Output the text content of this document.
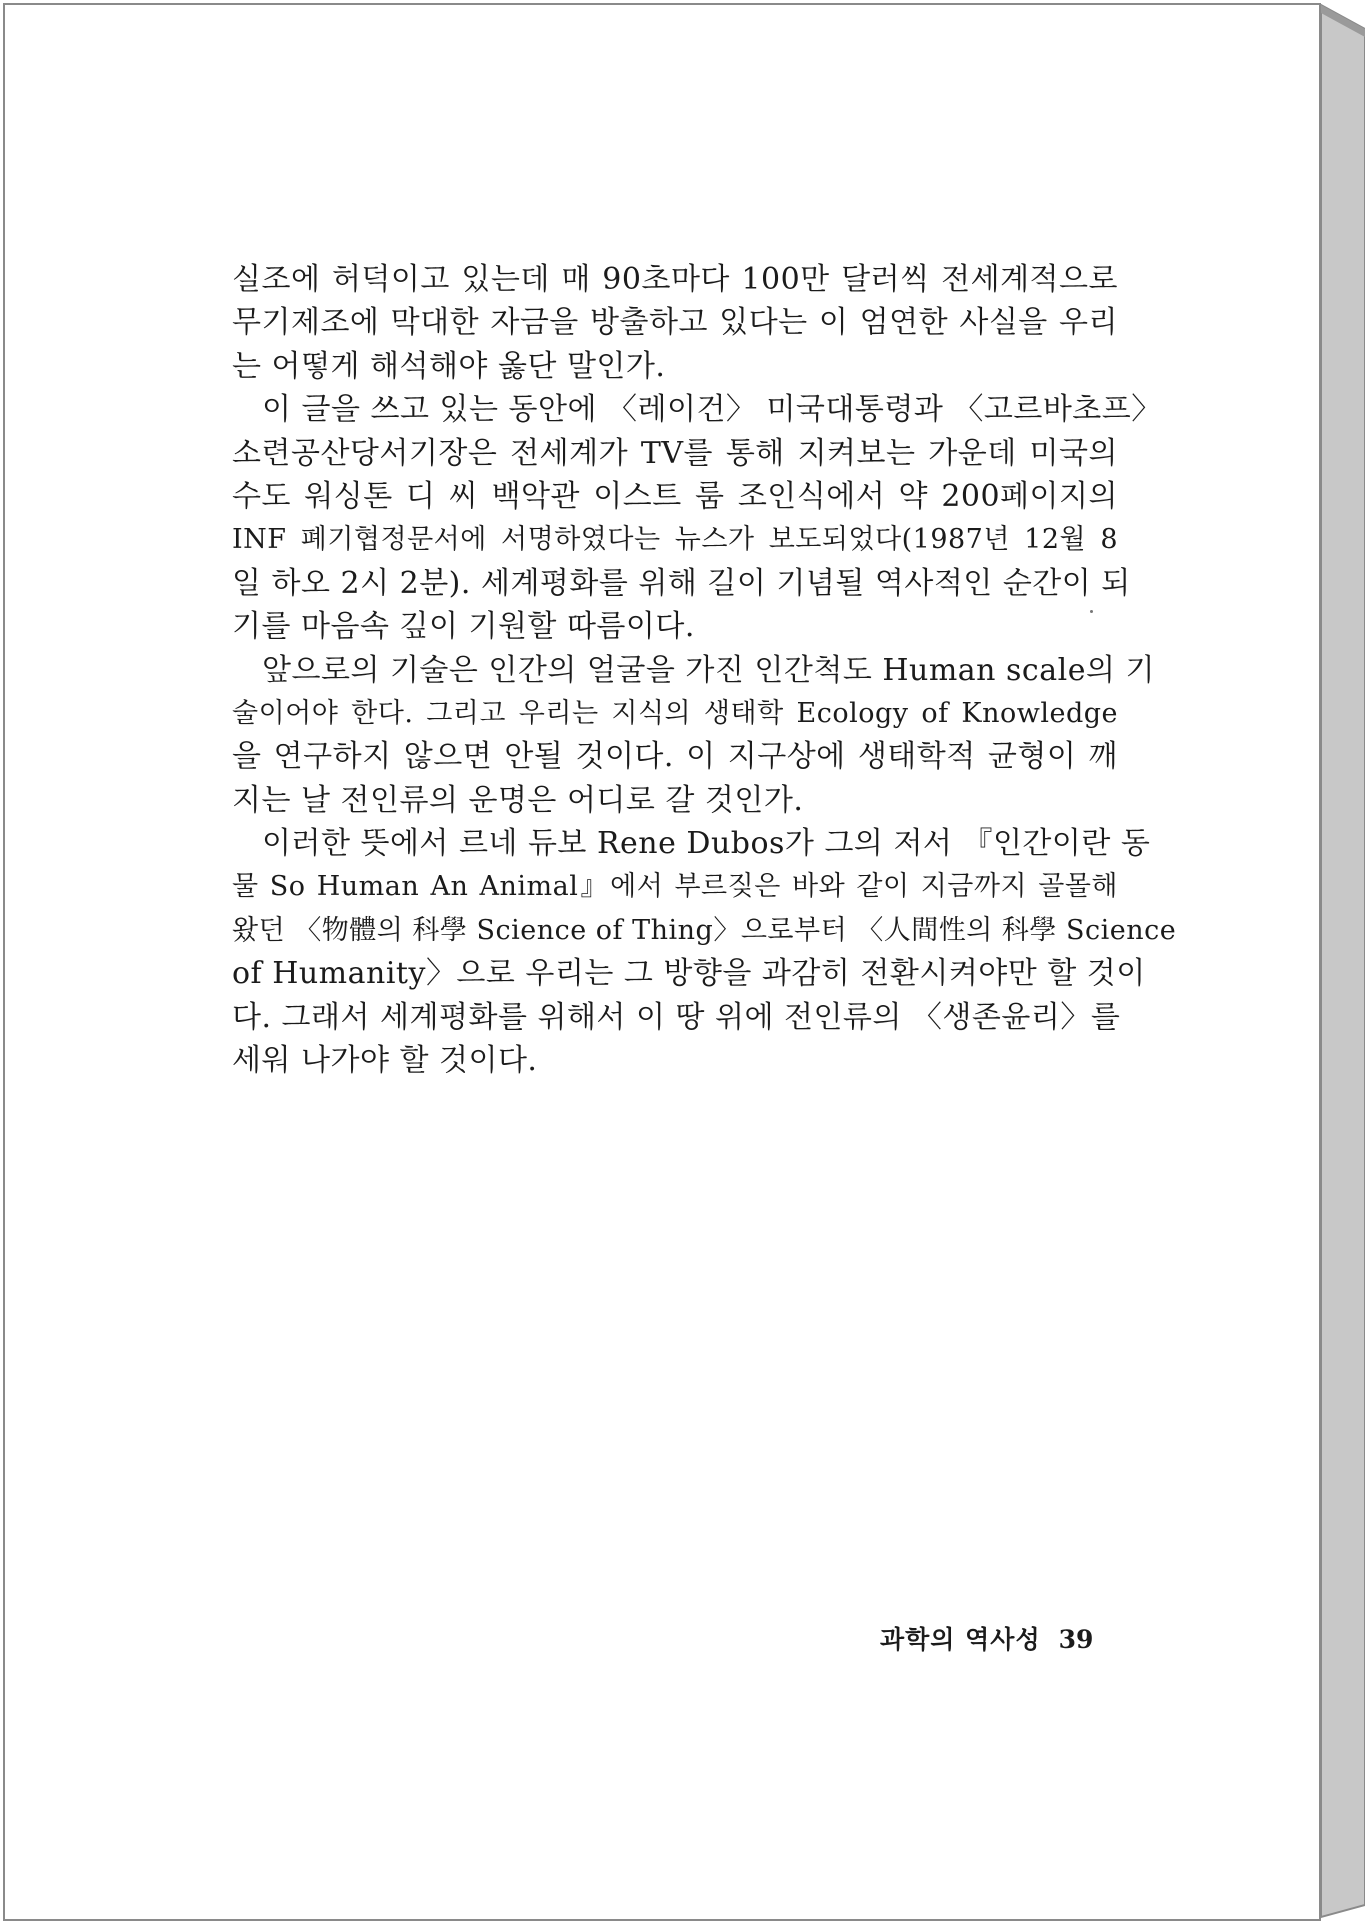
실조에 허덕이고 있는데 매 90초마다 100만 달러씩 전세계적으로
무기제조에 막대한 자금을 방출하고 있다는 이 엄연한 사실을 우리
는 어떻게 해석해야 옳단 말인가.
이 글을 쓰고 있는 동안에 〈레이건〉 미국대통령과 〈고르바초프〉
소련공산당서기장은 전세계가 TV를 통해 지켜보는 가운데 미국의
수도 워싱톤 디 씨 백악관 이스트 룸 조인식에서 약 200페이지의
INF 폐기협정문서에 서명하였다는 뉴스가 보도되었다(1987년 12월 8
일 하오 2시 2분). 세계평화를 위해 길이 기념될 역사적인 순간이 되
기를 마음속 깊이 기원할 따름이다.
앞으로의 기술은 인간의 얼굴을 가진 인간척도 Human scale의 기
술이어야 한다. 그리고 우리는 지식의 생태학 Ecology of Knowledge
을 연구하지 않으면 안될 것이다. 이 지구상에 생태학적 균형이 깨
지는 날 전인류의 운명은 어디로 갈 것인가.
이러한 뜻에서 르네 듀보 Rene Dubos가 그의 저서 『인간이란 동
물 So Human An Animal』에서 부르짖은 바와 같이 지금까지 골몰해
왔던 〈物體의 科學 Science of Thing〉으로부터 〈人間性의 科學 Science
of Humanity〉으로 우리는 그 방향을 과감히 전환시켜야만 할 것이
다. 그래서 세계평화를 위해서 이 땅 위에 전인류의 〈생존윤리〉를
세워 나가야 할 것이다.
과학의 역사성 39
